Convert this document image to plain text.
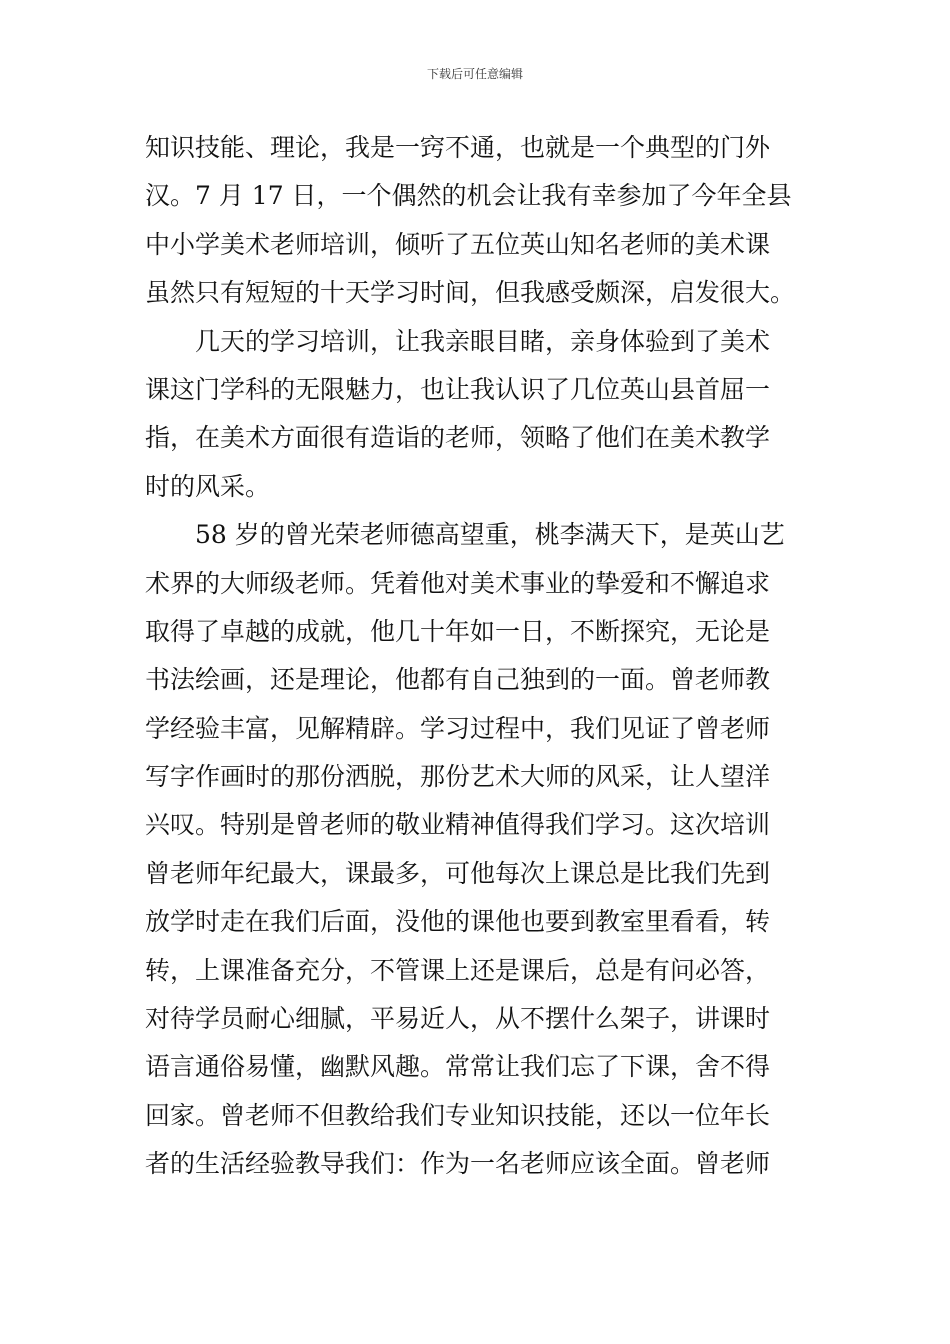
下载后可任意编辑
知识技能、理论，我是一窍不通，也就是一个典型的门外
汉。7 月 17 日，一个偶然的机会让我有幸参加了今年全县
中小学美术老师培训，倾听了五位英山知名老师的美术课
虽然只有短短的十天学习时间，但我感受颇深，启发很大。
几天的学习培训，让我亲眼目睹，亲身体验到了美术
课这门学科的无限魅力，也让我认识了几位英山县首屈一
指，在美术方面很有造诣的老师，领略了他们在美术教学
时的风采。
58 岁的曾光荣老师德高望重，桃李满天下，是英山艺
术界的大师级老师。凭着他对美术事业的挚爱和不懈追求
取得了卓越的成就，他几十年如一日，不断探究，无论是
书法绘画，还是理论，他都有自己独到的一面。曾老师教
学经验丰富，见解精辟。学习过程中，我们见证了曾老师
写字作画时的那份洒脱，那份艺术大师的风采，让人望洋
兴叹。特别是曾老师的敬业精神值得我们学习。这次培训
曾老师年纪最大，课最多，可他每次上课总是比我们先到
放学时走在我们后面，没他的课他也要到教室里看看，转
转，上课准备充分，不管课上还是课后，总是有问必答，
对待学员耐心细腻，平易近人，从不摆什么架子，讲课时
语言通俗易懂，幽默风趣。常常让我们忘了下课，舍不得
回家。曾老师不但教给我们专业知识技能，还以一位年长
者的生活经验教导我们：作为一名老师应该全面。曾老师
